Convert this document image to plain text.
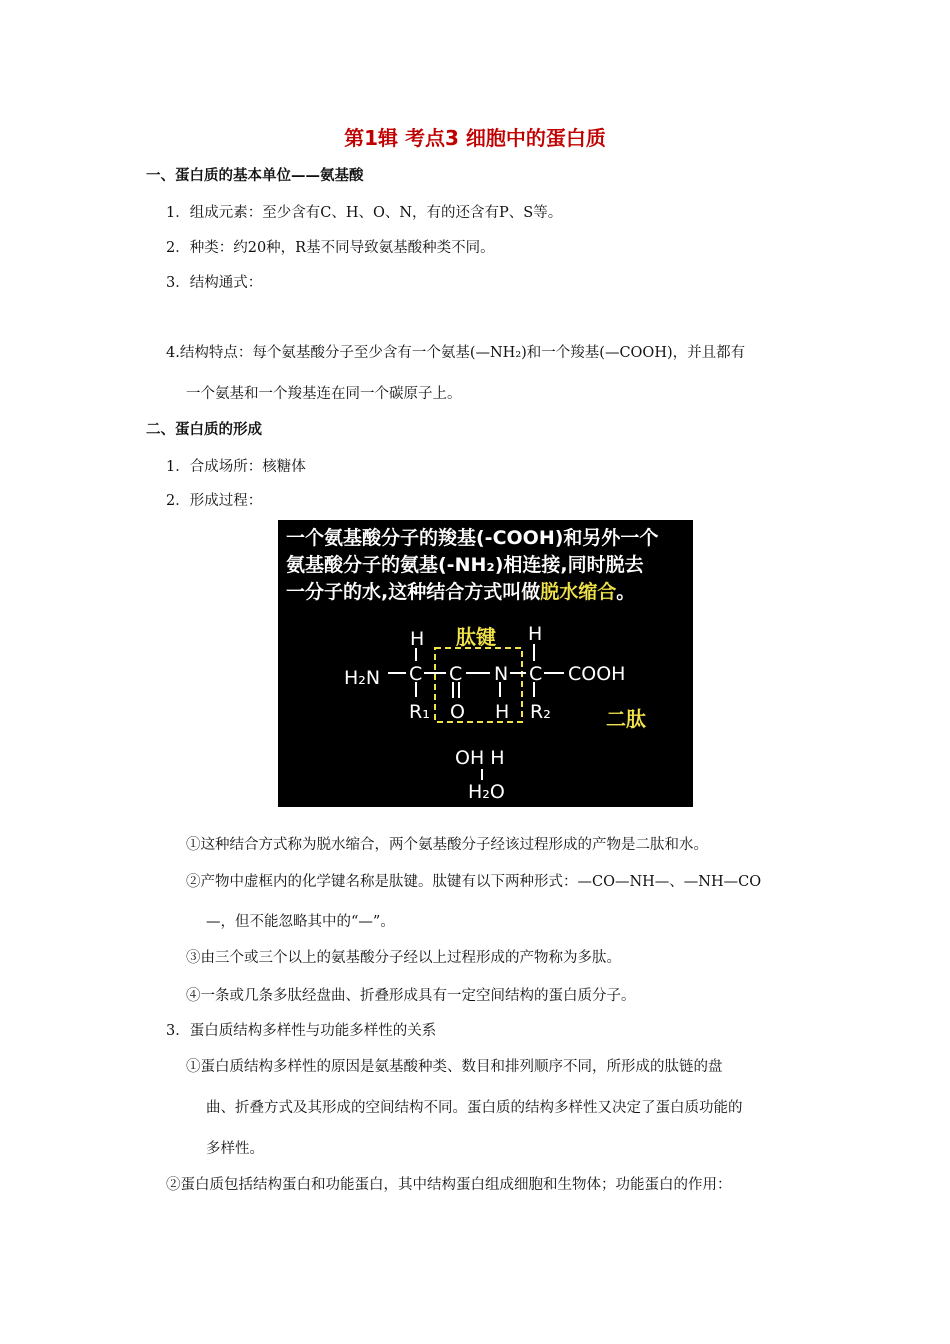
第1辑 考点3 细胞中的蛋白质
一、蛋白质的基本单位——氨基酸
1．组成元素：至少含有C、H、O、N，有的还含有P、S等。
2．种类：约20种，R基不同导致氨基酸种类不同。
3．结构通式：
4.结构特点：每个氨基酸分子至少含有一个氨基(—NH₂)和一个羧基(—COOH)，并且都有
一个氨基和一个羧基连在同一个碳原子上。
二、蛋白质的形成
1．合成场所：核糖体
2．形成过程：
一个氨基酸分子的羧基(-COOH)和另外一个
氨基酸分子的氨基(-NH₂)相连接,同时脱去
一分子的水,这种结合方式叫做脱水缩合。
肽键
二肽
H	H
H₂N C C N C COOH
R₁ O H R₂
OH H
H₂O
①这种结合方式称为脱水缩合，两个氨基酸分子经该过程形成的产物是二肽和水。
②产物中虚框内的化学键名称是肽键。肽键有以下两种形式：—CO—NH—、—NH—CO
—，但不能忽略其中的“—”。
③由三个或三个以上的氨基酸分子经以上过程形成的产物称为多肽。
④一条或几条多肽经盘曲、折叠形成具有一定空间结构的蛋白质分子。
3．蛋白质结构多样性与功能多样性的关系
①蛋白质结构多样性的原因是氨基酸种类、数目和排列顺序不同，所形成的肽链的盘
曲、折叠方式及其形成的空间结构不同。蛋白质的结构多样性又决定了蛋白质功能的
多样性。
②蛋白质包括结构蛋白和功能蛋白，其中结构蛋白组成细胞和生物体；功能蛋白的作用：
